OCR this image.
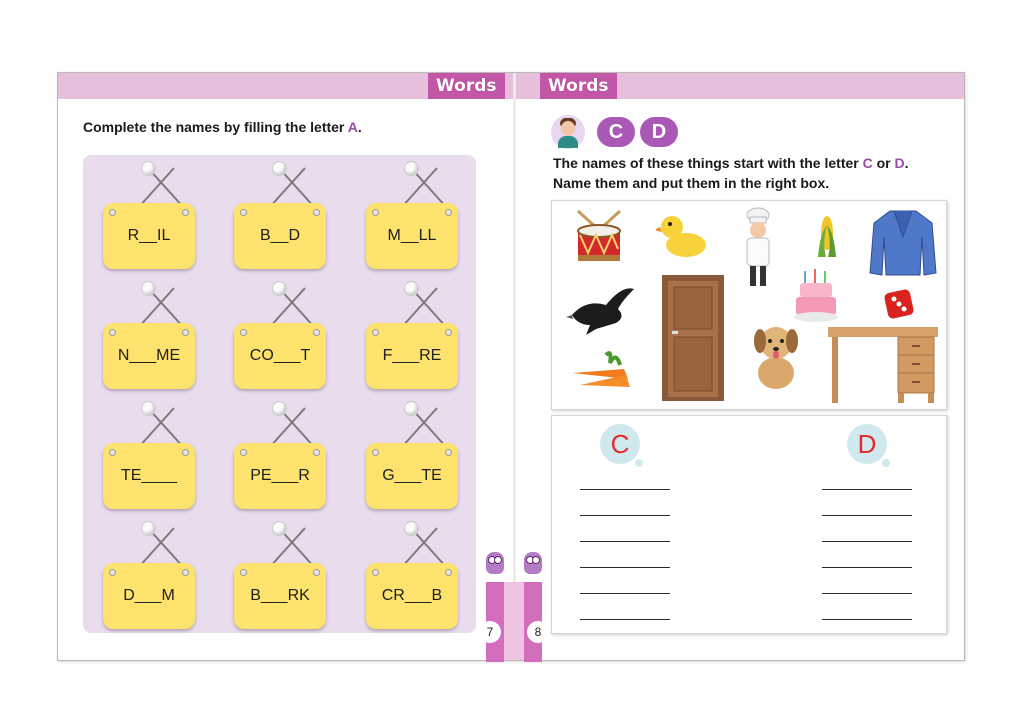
Words	Words
Complete the names by filling the letter A.
R__IL	B__D	M__LL
N___ME	CO___T	F___RE
TE____	PE___R	G___TE
D___M	B___RK	CR___B
7	8
C	D
The names of these things start with the letter C or D.
Name them and put them in the right box.
C	D
